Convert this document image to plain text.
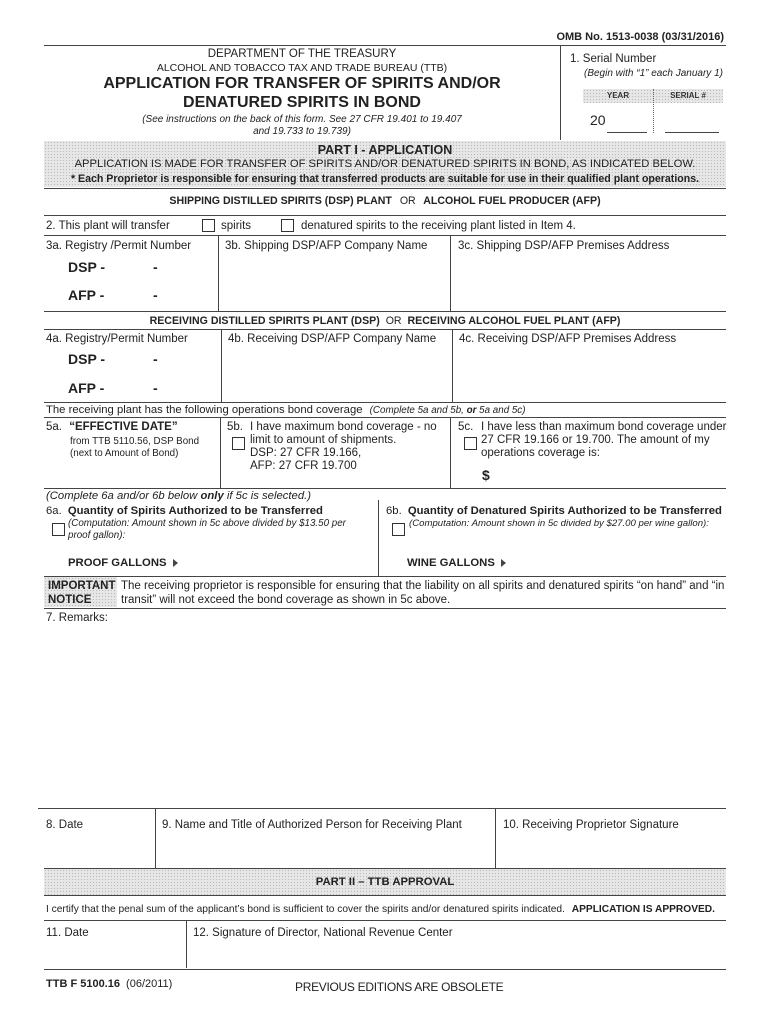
OMB No. 1513-0038 (03/31/2016)
DEPARTMENT OF THE TREASURY
ALCOHOL AND TOBACCO TAX AND TRADE BUREAU (TTB)
APPLICATION FOR TRANSFER OF SPIRITS AND/OR
DENATURED SPIRITS IN BOND
(See instructions on the back of this form. See 27 CFR 19.401 to 19.407
and 19.733 to 19.739)
1. Serial Number
(Begin with “1” each January 1)
YEAR	SERIAL #
20
PART I - APPLICATION
APPLICATION IS MADE FOR TRANSFER OF SPIRITS AND/OR DENATURED SPIRITS IN BOND, AS INDICATED BELOW.
* Each Proprietor is responsible for ensuring that transferred products are suitable for use in their qualified plant operations.
SHIPPING DISTILLED SPIRITS (DSP) PLANT OR ALCOHOL FUEL PRODUCER (AFP)
2. This plant will transfer	spirits	denatured spirits to the receiving plant listed in Item 4.
3a. Registry /Permit Number	3b. Shipping DSP/AFP Company Name	3c. Shipping DSP/AFP Premises Address
DSP -	-
AFP -	-
RECEIVING DISTILLED SPIRITS PLANT (DSP) OR RECEIVING ALCOHOL FUEL PLANT (AFP)
4a. Registry/Permit Number	4b. Receiving DSP/AFP Company Name 4c. Receiving DSP/AFP Premises Address
DSP -	-
AFP -	-
The receiving plant has the following operations bond coverage (Complete 5a and 5b, or 5a and 5c)
5a. “EFFECTIVE DATE”
from TTB 5110.56, DSP Bond
(next to Amount of Bond)
5b. I have maximum bond coverage - no
limit to amount of shipments.
DSP: 27 CFR 19.166,
AFP: 27 CFR 19.700
5c. I have less than maximum bond coverage under
27 CFR 19.166 or 19.700. The amount of my
operations coverage is:
$
(Complete 6a and/or 6b below only if 5c is selected.)
6a. Quantity of Spirits Authorized to be Transferred
(Computation: Amount shown in 5c above divided by $13.50 per
proof gallon):
PROOF GALLONS
6b. Quantity of Denatured Spirits Authorized to be Transferred
(Computation: Amount shown in 5c divided by $27.00 per wine gallon):
WINE GALLONS
IMPORTANT
NOTICE
The receiving proprietor is responsible for ensuring that the liability on all spirits and denatured spirits “on hand” and “in
transit” will not exceed the bond coverage as shown in 5c above.
7. Remarks:
8. Date	9. Name and Title of Authorized Person for Receiving Plant	10. Receiving Proprietor Signature
PART II – TTB APPROVAL
I certify that the penal sum of the applicant’s bond is sufficient to cover the spirits and/or denatured spirits indicated. APPLICATION IS APPROVED.
11. Date	12. Signature of Director, National Revenue Center
TTB F 5100.16 (06/2011)	PREVIOUS EDITIONS ARE OBSOLETE
